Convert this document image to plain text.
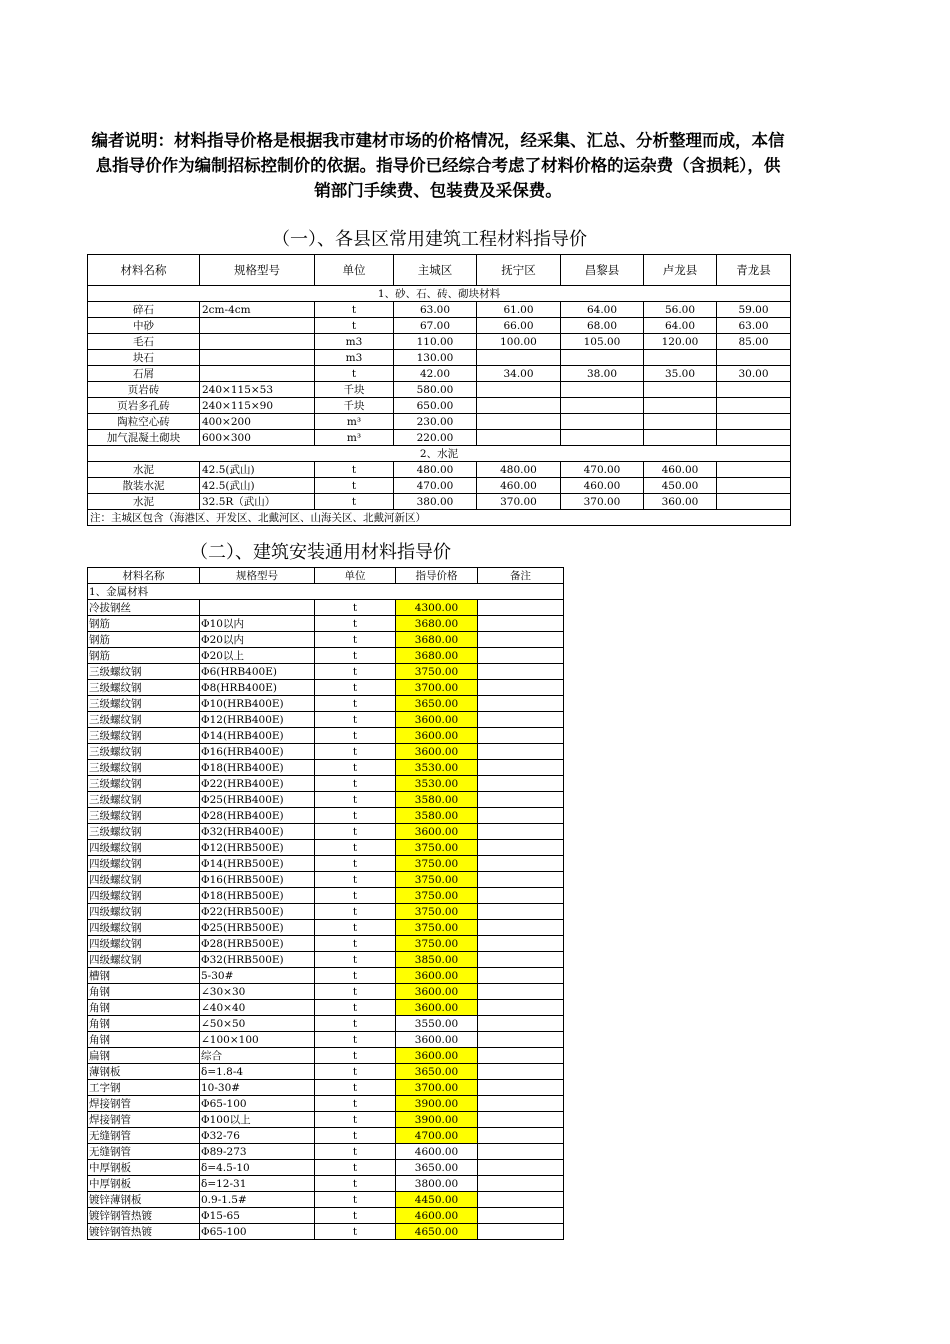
编者说明：材料指导价格是根据我市建材市场的价格情况，经采集、汇总、分析整理而成，本信息指导价作为编制招标控制价的依据。指导价已经综合考虑了材料价格的运杂费（含损耗），供销部门手续费、包装费及采保费。
（一）、各县区常用建筑工程材料指导价
材料名称	规格型号	单位	主城区	抚宁区	昌黎县	卢龙县	青龙县
1、砂、石、砖、砌块材料							
碎石	2cm-4cm	t	63.00	61.00	64.00	56.00	59.00
中砂		t	67.00	66.00	68.00	64.00	63.00
毛石		m3	110.00	100.00	105.00	120.00	85.00
块石		m3	130.00				
石屑		t	42.00	34.00	38.00	35.00	30.00
页岩砖	240×115×53	千块	580.00				
页岩多孔砖	240×115×90	千块	650.00				
陶粒空心砖	400×200	m³	230.00				
加气混凝土砌块	600×300	m³	220.00				
2、水泥							
水泥	42.5(武山)	t	480.00	480.00	470.00	460.00	
散装水泥	42.5(武山)	t	470.00	460.00	460.00	450.00	
水泥	32.5R（武山）	t	380.00	370.00	370.00	360.00	
注：主城区包含（海港区、开发区、北戴河区、山海关区、北戴河新区）							
（二）、建筑安装通用材料指导价
材料名称	规格型号	单位	指导价格	备注
1、金属材料				
冷拔钢丝		t	4300.00	
钢筋	Φ10以内	t	3680.00	
钢筋	Φ20以内	t	3680.00	
钢筋	Φ20以上	t	3680.00	
三级螺纹钢	Φ6(HRB400E)	t	3750.00	
三级螺纹钢	Φ8(HRB400E)	t	3700.00	
三级螺纹钢	Φ10(HRB400E)	t	3650.00	
三级螺纹钢	Φ12(HRB400E)	t	3600.00	
三级螺纹钢	Φ14(HRB400E)	t	3600.00	
三级螺纹钢	Φ16(HRB400E)	t	3600.00	
三级螺纹钢	Φ18(HRB400E)	t	3530.00	
三级螺纹钢	Φ22(HRB400E)	t	3530.00	
三级螺纹钢	Φ25(HRB400E)	t	3580.00	
三级螺纹钢	Φ28(HRB400E)	t	3580.00	
三级螺纹钢	Φ32(HRB400E)	t	3600.00	
四级螺纹钢	Φ12(HRB500E)	t	3750.00	
四级螺纹钢	Φ14(HRB500E)	t	3750.00	
四级螺纹钢	Φ16(HRB500E)	t	3750.00	
四级螺纹钢	Φ18(HRB500E)	t	3750.00	
四级螺纹钢	Φ22(HRB500E)	t	3750.00	
四级螺纹钢	Φ25(HRB500E)	t	3750.00	
四级螺纹钢	Φ28(HRB500E)	t	3750.00	
四级螺纹钢	Φ32(HRB500E)	t	3850.00	
槽钢	5-30#	t	3600.00	
角钢	∠30×30	t	3600.00	
角钢	∠40×40	t	3600.00	
角钢	∠50×50	t	3550.00	
角钢	∠100×100	t	3600.00	
扁钢	综合	t	3600.00	
薄钢板	δ=1.8-4	t	3650.00	
工字钢	10-30#	t	3700.00	
焊接钢管	Φ65-100	t	3900.00	
焊接钢管	Φ100以上	t	3900.00	
无缝钢管	Φ32-76	t	4700.00	
无缝钢管	Φ89-273	t	4600.00	
中厚钢板	δ=4.5-10	t	3650.00	
中厚钢板	δ=12-31	t	3800.00	
镀锌薄钢板	0.9-1.5#	t	4450.00	
镀锌钢管热镀	Φ15-65	t	4600.00	
镀锌钢管热镀	Φ65-100	t	4650.00	
